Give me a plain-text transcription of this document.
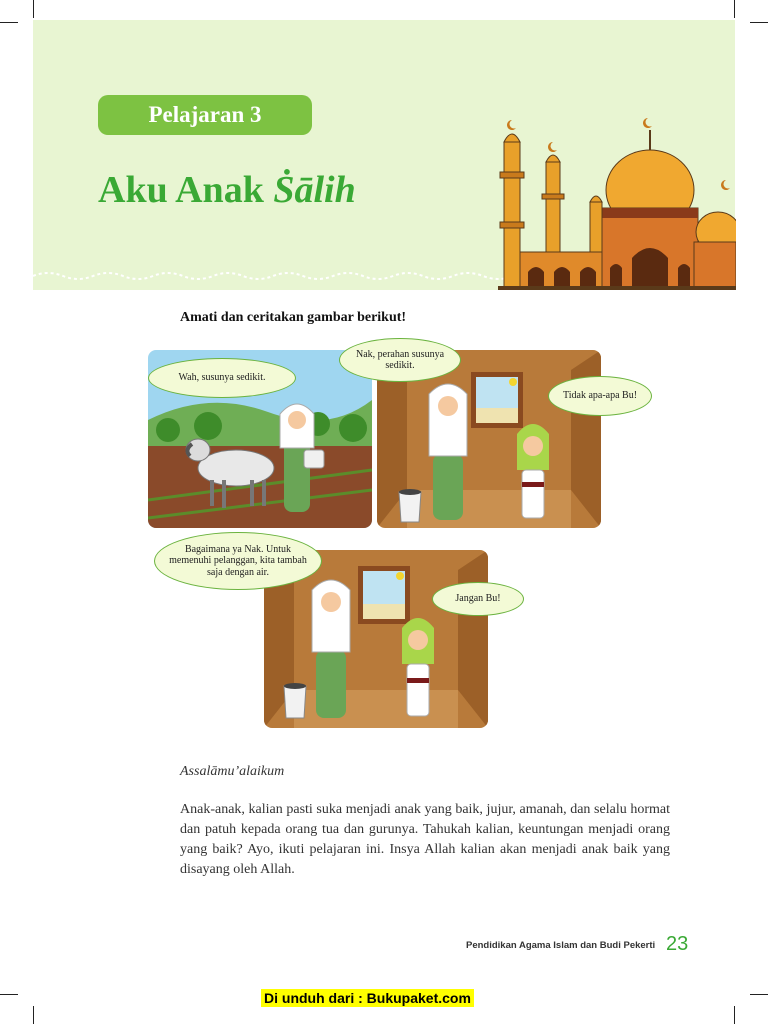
Pelajaran 3
Aku Anak Ṡālih
Amati dan ceritakan gambar berikut!
Wah, susunya sedikit.
Nak, perahan susunya sedikit.
Tidak apa-apa Bu!
Bagaimana ya Nak. Untuk memenuhi pelanggan, kita tambah saja dengan air.
Jangan Bu!
Assalāmu’alaikum
Anak-anak, kalian pasti suka menjadi anak yang baik, jujur, amanah, dan selalu hormat dan patuh kepada orang tua dan gurunya. Tahukah kalian, keuntungan menjadi orang yang baik? Ayo, ikuti pelajaran ini. Insya Allah kalian akan menjadi anak baik yang disayang oleh Allah.
Pendidikan Agama Islam dan Budi Pekerti 23
Di unduh dari : Bukupaket.com
